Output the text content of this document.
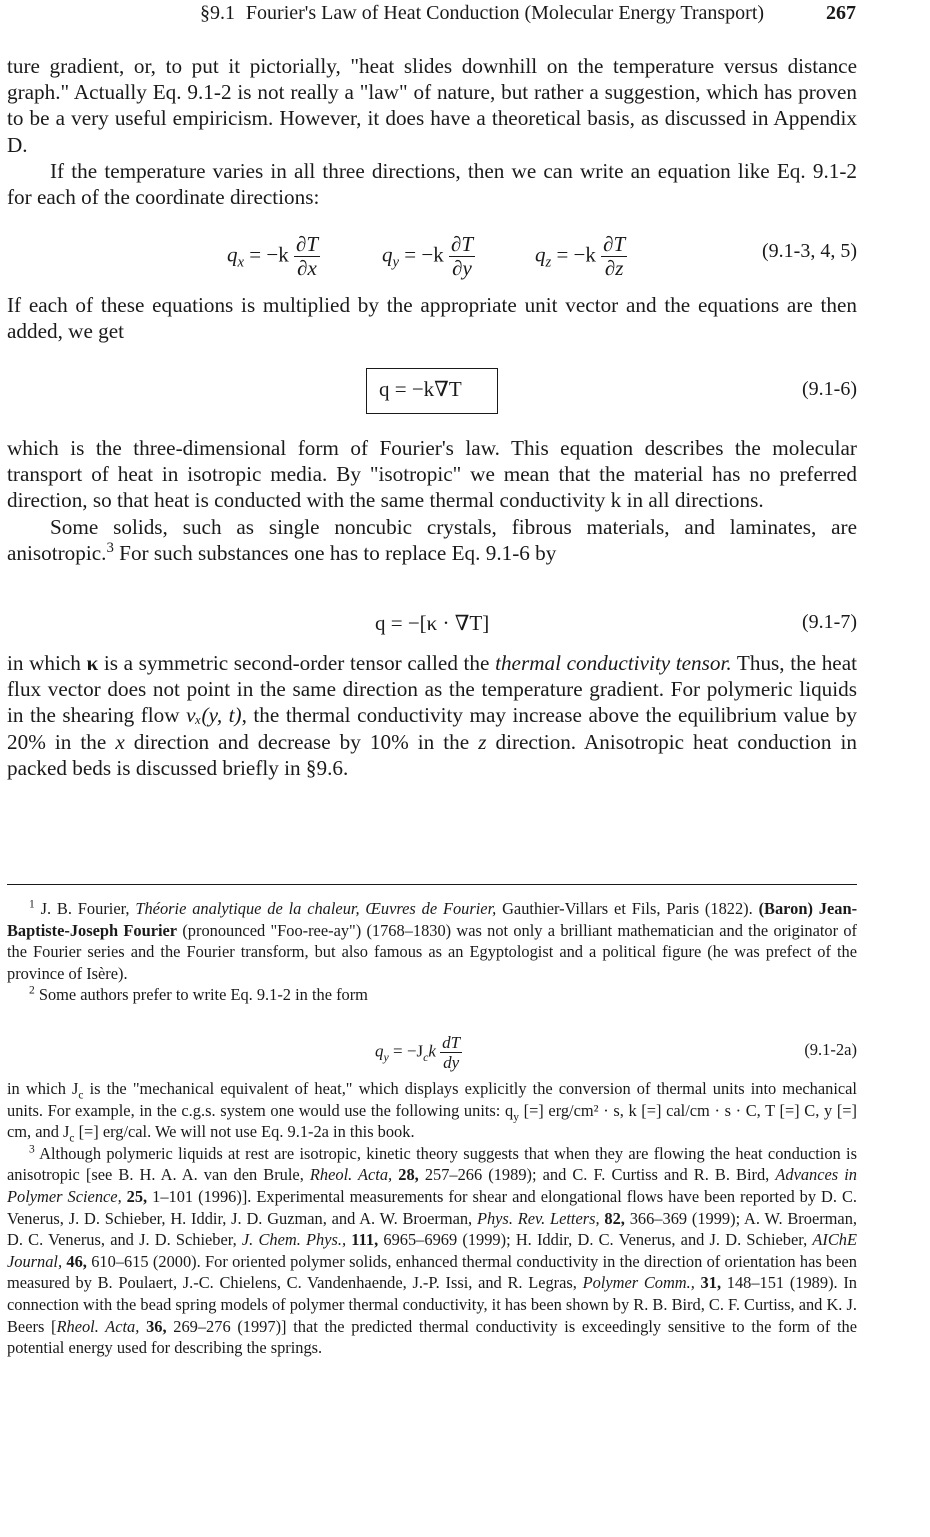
§9.1 Fourier's Law of Heat Conduction (Molecular Energy Transport)	267

ture gradient, or, to put it pictorially, "heat slides downhill on the temperature versus distance graph." Actually Eq. 9.1-2 is not really a "law" of nature, but rather a suggestion, which has proven to be a very useful empiricism. However, it does have a theoretical basis, as discussed in Appendix D.

If the temperature varies in all three directions, then we can write an equation like Eq. 9.1-2 for each of the coordinate directions:

$q_x = -k \frac{\partial T}{\partial x}$	$q_y = -k \frac{\partial T}{\partial y}$	$q_z = -k \frac{\partial T}{\partial z}$	(9.1-3, 4, 5)

If each of these equations is multiplied by the appropriate unit vector and the equations are then added, we get

q = −k∇T	(9.1-6)

which is the three-dimensional form of Fourier's law. This equation describes the molecular transport of heat in isotropic media. By "isotropic" we mean that the material has no preferred direction, so that heat is conducted with the same thermal conductivity k in all directions.

Some solids, such as single noncubic crystals, fibrous materials, and laminates, are anisotropic.$^3$ For such substances one has to replace Eq. 9.1-6 by

q = −[κ · ∇T]	(9.1-7)

in which κ is a symmetric second-order tensor called the thermal conductivity tensor. Thus, the heat flux vector does not point in the same direction as the temperature gradient. For polymeric liquids in the shearing flow vₓ(y, t), the thermal conductivity may increase above the equilibrium value by 20% in the x direction and decrease by 10% in the z direction. Anisotropic heat conduction in packed beds is discussed briefly in §9.6.

$^1$ J. B. Fourier, Théorie analytique de la chaleur, Œuvres de Fourier, Gauthier-Villars et Fils, Paris (1822). (Baron) Jean-Baptiste-Joseph Fourier (pronounced "Foo-ree-ay") (1768–1830) was not only a brilliant mathematician and the originator of the Fourier series and the Fourier transform, but also famous as an Egyptologist and a political figure (he was prefect of the province of Isère).

$^2$ Some authors prefer to write Eq. 9.1-2 in the form

$q_y = -J_ck \frac{dT}{dy}$	(9.1-2a)

in which $J_c$ is the "mechanical equivalent of heat," which displays explicitly the conversion of thermal units into mechanical units. For example, in the c.g.s. system one would use the following units: $q_y$ [=] erg/cm² · s, k [=] cal/cm · s · C, T [=] C, y [=] cm, and $J_c$ [=] erg/cal. We will not use Eq. 9.1-2a in this book.

$^3$ Although polymeric liquids at rest are isotropic, kinetic theory suggests that when they are flowing the heat conduction is anisotropic [see B. H. A. A. van den Brule, Rheol. Acta, 28, 257–266 (1989); and C. F. Curtiss and R. B. Bird, Advances in Polymer Science, 25, 1–101 (1996)]. Experimental measurements for shear and elongational flows have been reported by D. C. Venerus, J. D. Schieber, H. Iddir, J. D. Guzman, and A. W. Broerman, Phys. Rev. Letters, 82, 366–369 (1999); A. W. Broerman, D. C. Venerus, and J. D. Schieber, J. Chem. Phys., 111, 6965–6969 (1999); H. Iddir, D. C. Venerus, and J. D. Schieber, AIChE Journal, 46, 610–615 (2000). For oriented polymer solids, enhanced thermal conductivity in the direction of orientation has been measured by B. Poulaert, J.-C. Chielens, C. Vandenhaende, J.-P. Issi, and R. Legras, Polymer Comm., 31, 148–151 (1989). In connection with the bead spring models of polymer thermal conductivity, it has been shown by R. B. Bird, C. F. Curtiss, and K. J. Beers [Rheol. Acta, 36, 269–276 (1997)] that the predicted thermal conductivity is exceedingly sensitive to the form of the potential energy used for describing the springs.
